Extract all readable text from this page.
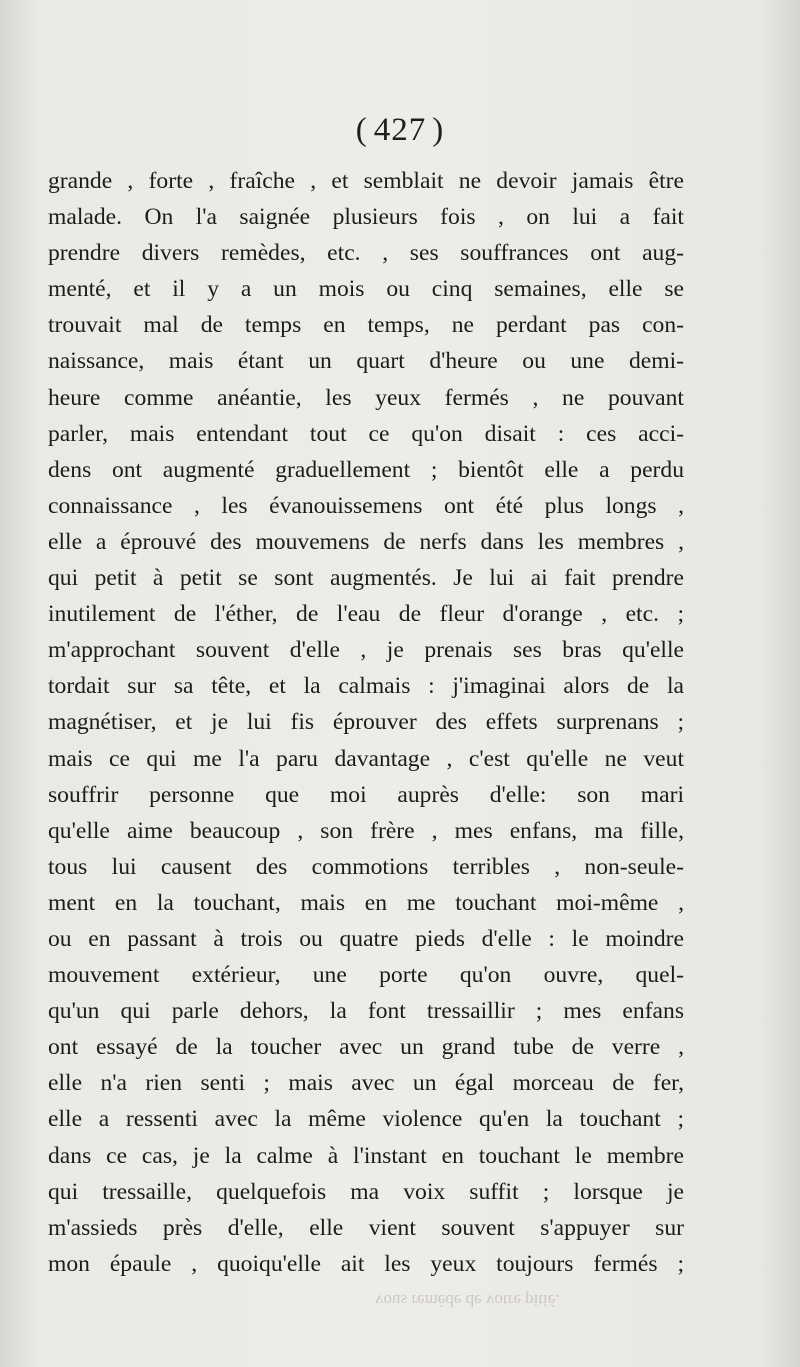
( 427 )
grande , forte , fraîche , et semblait ne devoir jamais être
malade. On l'a saignée plusieurs fois , on lui a fait
prendre divers remèdes, etc. , ses souffrances ont aug-
menté, et il y a un mois ou cinq semaines, elle se
trouvait mal de temps en temps, ne perdant pas con-
naissance, mais étant un quart d'heure ou une demi-
heure comme anéantie, les yeux fermés , ne pouvant
parler, mais entendant tout ce qu'on disait : ces acci-
dens ont augmenté graduellement ; bientôt elle a perdu
connaissance , les évanouissemens ont été plus longs ,
elle a éprouvé des mouvemens de nerfs dans les membres ,
qui petit à petit se sont augmentés. Je lui ai fait prendre
inutilement de l'éther, de l'eau de fleur d'orange , etc. ;
m'approchant souvent d'elle , je prenais ses bras qu'elle
tordait sur sa tête, et la calmais : j'imaginai alors de la
magnétiser, et je lui fis éprouver des effets surprenans ;
mais ce qui me l'a paru davantage , c'est qu'elle ne veut
souffrir personne que moi auprès d'elle: son mari
qu'elle aime beaucoup , son frère , mes enfans, ma fille,
tous lui causent des commotions terribles , non-seule-
ment en la touchant, mais en me touchant moi-même ,
ou en passant à trois ou quatre pieds d'elle : le moindre
mouvement extérieur, une porte qu'on ouvre, quel-
qu'un qui parle dehors, la font tressaillir ; mes enfans
ont essayé de la toucher avec un grand tube de verre ,
elle n'a rien senti ; mais avec un égal morceau de fer,
elle a ressenti avec la même violence qu'en la touchant ;
dans ce cas, je la calme à l'instant en touchant le membre
qui tressaille, quelquefois ma voix suffit ; lorsque je
m'assieds près d'elle, elle vient souvent s'appuyer sur
mon épaule , quoiqu'elle ait les yeux toujours fermés ;
vous remède de votre pitié.
